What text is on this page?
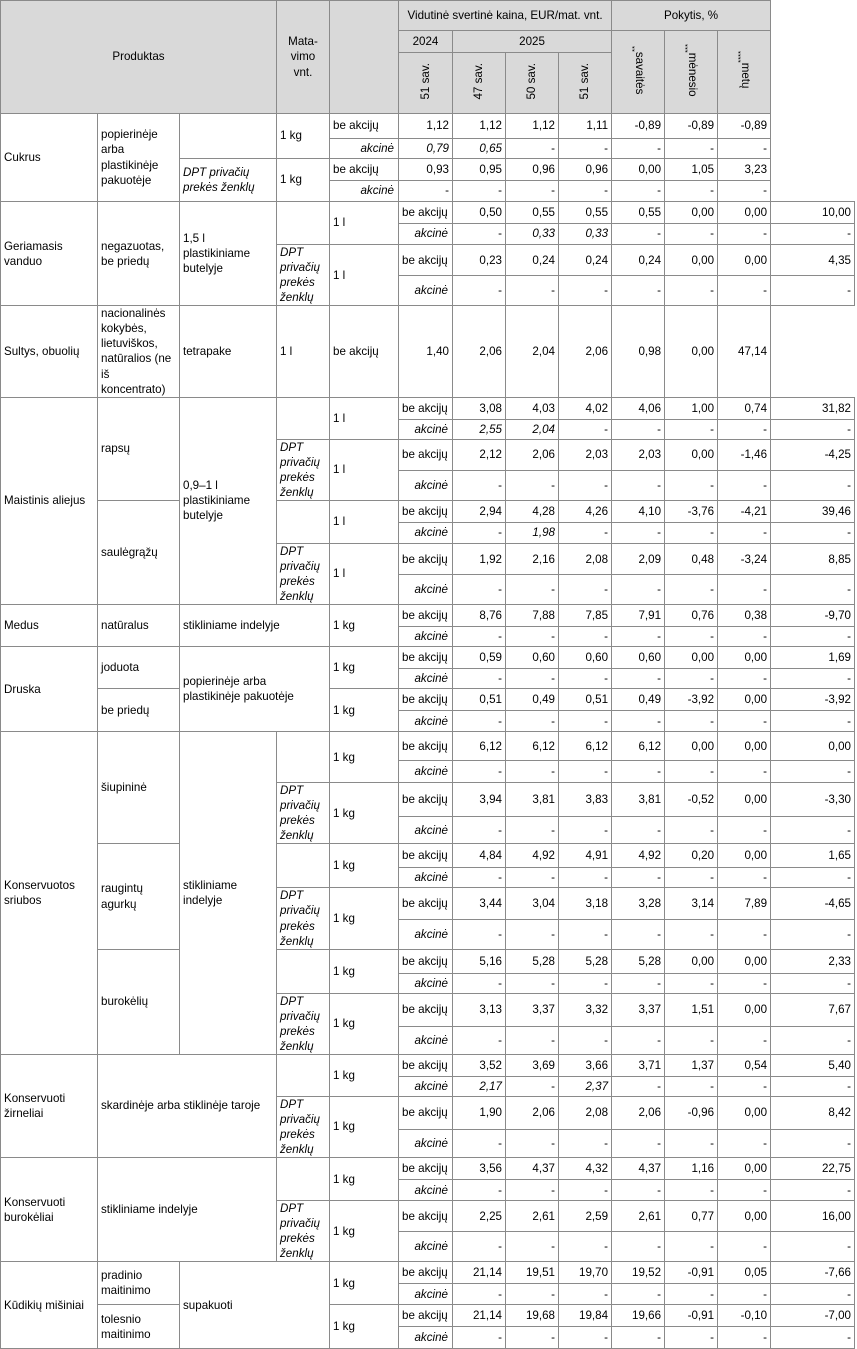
Produktas			Mata-vimo vnt.		Vidutinė svertinė kaina, EUR/mat. vnt.				Pokytis, %			
					2024	2025			savaitės**	mėnesio***	metų****
					51 sav.	47 sav.	50 sav.	51 sav.				
Cukrus	popierinėje arba plastikinėje pakuotėje		1 kg	be akcijų	1,12	1,12	1,12	1,11	-0,89	-0,89	-0,89	
				akcinė	0,79	0,65	-	-	-	-	-	
		DPT privačių prekės ženklų	1 kg	be akcijų	0,93	0,95	0,96	0,96	0,00	1,05	3,23	
				akcinė	-	-	-	-	-	-	-	
Geriamasis vanduo	negazuotas, be priedų	1,5 l plastikiniame butelyje		1 l	be akcijų	0,50	0,55	0,55	0,55	0,00	0,00	10,00
					akcinė	-	0,33	0,33	-	-	-	-
			DPT privačių prekės ženklų	1 l	be akcijų	0,23	0,24	0,24	0,24	0,00	0,00	4,35
					akcinė	-	-	-	-	-	-	-
Sultys, obuolių	nacionalinės kokybės, lietuviškos, natūralios (ne iš koncentrato)	tetrapake	1 l	be akcijų	1,40	2,06	2,04	2,06	0,98	0,00	47,14	
Maistinis aliejus	rapsų	0,9–1 l plastikiniame butelyje		1 l	be akcijų	3,08	4,03	4,02	4,06	1,00	0,74	31,82
					akcinė	2,55	2,04	-	-	-	-	-
			DPT privačių prekės ženklų	1 l	be akcijų	2,12	2,06	2,03	2,03	0,00	-1,46	-4,25
					akcinė	-	-	-	-	-	-	-
	saulėgrąžų			1 l	be akcijų	2,94	4,28	4,26	4,10	-3,76	-4,21	39,46
					akcinė	-	1,98	-	-	-	-	-
			DPT privačių prekės ženklų	1 l	be akcijų	1,92	2,16	2,08	2,09	0,48	-3,24	8,85
					akcinė	-	-	-	-	-	-	-
Medus	natūralus	stikliniame indelyje		1 kg	be akcijų	8,76	7,88	7,85	7,91	0,76	0,38	-9,70
					akcinė	-	-	-	-	-	-	-
Druska	joduota	popierinėje arba plastikinėje pakuotėje		1 kg	be akcijų	0,59	0,60	0,60	0,60	0,00	0,00	1,69
					akcinė	-	-	-	-	-	-	-
	be priedų			1 kg	be akcijų	0,51	0,49	0,51	0,49	-3,92	0,00	-3,92
					akcinė	-	-	-	-	-	-	-
Konservuotos sriubos	šiupininė	stikliniame indelyje		1 kg	be akcijų	6,12	6,12	6,12	6,12	0,00	0,00	0,00
					akcinė	-	-	-	-	-	-	-
			DPT privačių prekės ženklų	1 kg	be akcijų	3,94	3,81	3,83	3,81	-0,52	0,00	-3,30
					akcinė	-	-	-	-	-	-	-
	raugintų agurkų			1 kg	be akcijų	4,84	4,92	4,91	4,92	0,20	0,00	1,65
					akcinė	-	-	-	-	-	-	-
			DPT privačių prekės ženklų	1 kg	be akcijų	3,44	3,04	3,18	3,28	3,14	7,89	-4,65
					akcinė	-	-	-	-	-	-	-
	burokėlių			1 kg	be akcijų	5,16	5,28	5,28	5,28	0,00	0,00	2,33
					akcinė	-	-	-	-	-	-	-
			DPT privačių prekės ženklų	1 kg	be akcijų	3,13	3,37	3,32	3,37	1,51	0,00	7,67
					akcinė	-	-	-	-	-	-	-
Konservuoti žirneliai	skardinėje arba stiklinėje taroje			1 kg	be akcijų	3,52	3,69	3,66	3,71	1,37	0,54	5,40
					akcinė	2,17	-	2,37	-	-	-	-
			DPT privačių prekės ženklų	1 kg	be akcijų	1,90	2,06	2,08	2,06	-0,96	0,00	8,42
					akcinė	-	-	-	-	-	-	-
Konservuoti burokėliai	stikliniame indelyje			1 kg	be akcijų	3,56	4,37	4,32	4,37	1,16	0,00	22,75
					akcinė	-	-	-	-	-	-	-
			DPT privačių prekės ženklų	1 kg	be akcijų	2,25	2,61	2,59	2,61	0,77	0,00	16,00
					akcinė	-	-	-	-	-	-	-
Kūdikių mišiniai	pradinio maitinimo	supakuoti		1 kg	be akcijų	21,14	19,51	19,70	19,52	-0,91	0,05	-7,66
					akcinė	-	-	-	-	-	-	-
	tolesnio maitinimo			1 kg	be akcijų	21,14	19,68	19,84	19,66	-0,91	-0,10	-7,00
					akcinė	-	-	-	-	-	-	-
